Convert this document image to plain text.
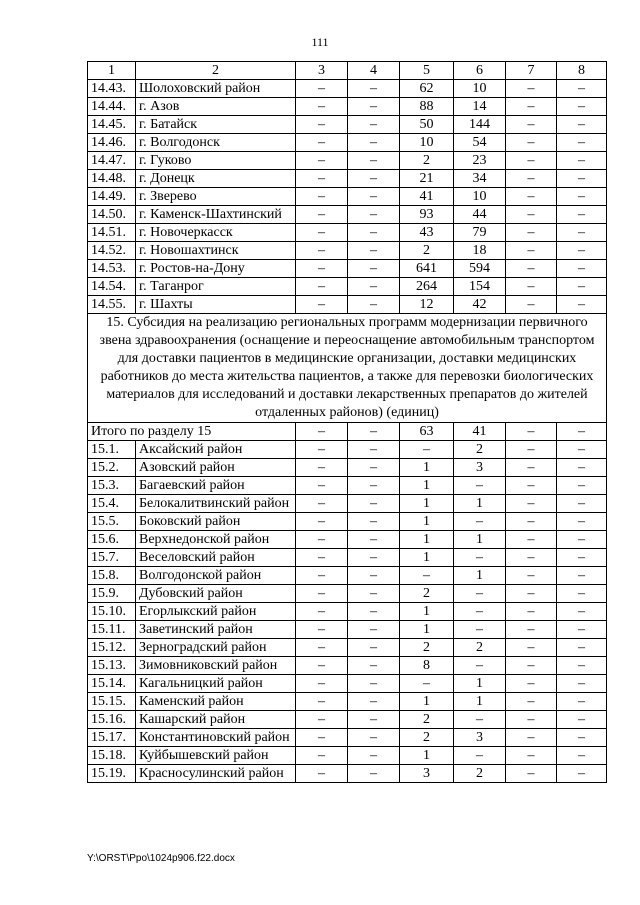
111
1	2	3	4	5	6	7	8
14.43.	Шолоховский район	–	–	62	10	–	–
14.44.	г. Азов	–	–	88	14	–	–
14.45.	г. Батайск	–	–	50	144	–	–
14.46.	г. Волгодонск	–	–	10	54	–	–
14.47.	г. Гуково	–	–	2	23	–	–
14.48.	г. Донецк	–	–	21	34	–	–
14.49.	г. Зверево	–	–	41	10	–	–
14.50.	г. Каменск-Шахтинский	–	–	93	44	–	–
14.51.	г. Новочеркасск	–	–	43	79	–	–
14.52.	г. Новошахтинск	–	–	2	18	–	–
14.53.	г. Ростов-на-Дону	–	–	641	594	–	–
14.54.	г. Таганрог	–	–	264	154	–	–
14.55.	г. Шахты	–	–	12	42	–	–
15. Субсидия на реализацию региональных программ модернизации первичного звена здравоохранения (оснащение и переоснащение автомобильным транспортом для доставки пациентов в медицинские организации, доставки медицинских работников до места жительства пациентов, а также для перевозки биологических материалов для исследований и доставки лекарственных препаратов до жителей отдаленных районов) (единиц)							
Итого по разделу 15		–	–	63	41	–	–
15.1.	Аксайский район	–	–	–	2	–	–
15.2.	Азовский район	–	–	1	3	–	–
15.3.	Багаевский район	–	–	1	–	–	–
15.4.	Белокалитвинский район	–	–	1	1	–	–
15.5.	Боковский район	–	–	1	–	–	–
15.6.	Верхнедонской район	–	–	1	1	–	–
15.7.	Веселовский район	–	–	1	–	–	–
15.8.	Волгодонской район	–	–	–	1	–	–
15.9.	Дубовский район	–	–	2	–	–	–
15.10.	Егорлыкский район	–	–	1	–	–	–
15.11.	Заветинский район	–	–	1	–	–	–
15.12.	Зерноградский район	–	–	2	2	–	–
15.13.	Зимовниковский район	–	–	8	–	–	–
15.14.	Кагальницкий район	–	–	–	1	–	–
15.15.	Каменский район	–	–	1	1	–	–
15.16.	Кашарский район	–	–	2	–	–	–
15.17.	Константиновский район	–	–	2	3	–	–
15.18.	Куйбышевский район	–	–	1	–	–	–
15.19.	Красносулинский район	–	–	3	2	–	–
Y:\ORST\Ppo\1024p906.f22.docx
